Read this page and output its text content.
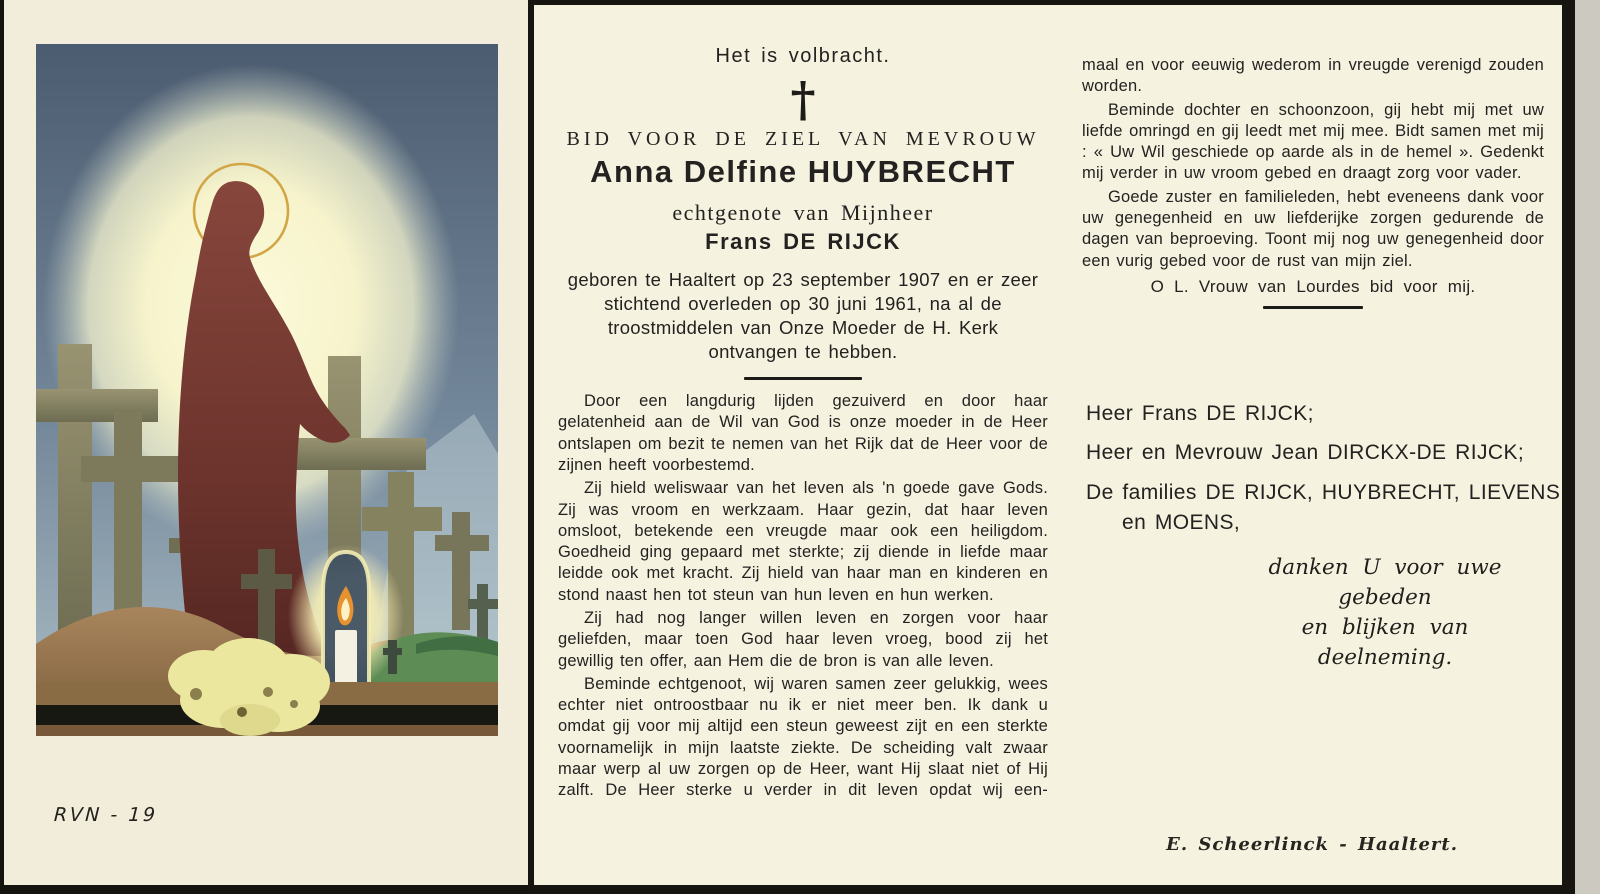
RVN - 19

Het is volbracht.

†

BID VOOR DE ZIEL VAN MEVROUW

Anna Delfine HUYBRECHT

echtgenote van Mijnheer

Frans DE RIJCK

geboren te Haaltert op 23 september 1907 en er zeer stichtend overleden op 30 juni 1961, na al de troostmiddelen van Onze Moeder de H. Kerk ontvangen te hebben.

Door een langdurig lijden gezuiverd en door haar gelatenheid aan de Wil van God is onze moeder in de Heer ontslapen om bezit te nemen van het Rijk dat de Heer voor de zijnen heeft voorbestemd.

Zij hield weliswaar van het leven als 'n goede gave Gods. Zij was vroom en werkzaam. Haar gezin, dat haar leven omsloot, betekende een vreugde maar ook een heiligdom. Goedheid ging gepaard met sterkte; zij diende in liefde maar leidde ook met kracht. Zij hield van haar man en kinderen en stond naast hen tot steun van hun leven en hun werken.

Zij had nog langer willen leven en zorgen voor haar geliefden, maar toen God haar leven vroeg, bood zij het gewillig ten offer, aan Hem die de bron is van alle leven.

Beminde echtgenoot, wij waren samen zeer gelukkig, wees echter niet ontroostbaar nu ik er niet meer ben. Ik dank u omdat gij voor mij altijd een steun geweest zijt en een sterkte voornamelijk in mijn laatste ziekte. De scheiding valt zwaar maar werp al uw zorgen op de Heer, want Hij slaat niet of Hij zalft. De Heer sterke u verder in dit leven opdat wij een-

maal en voor eeuwig wederom in vreugde verenigd zouden worden.

Beminde dochter en schoonzoon, gij hebt mij met uw liefde omringd en gij leedt met mij mee. Bidt samen met mij : « Uw Wil geschiede op aarde als in de hemel ». Gedenkt mij verder in uw vroom gebed en draagt zorg voor vader.

Goede zuster en familieleden, hebt eveneens dank voor uw genegenheid en uw liefderijke zorgen gedurende de dagen van beproeving. Toont mij nog uw genegenheid door een vurig gebed voor de rust van mijn ziel.

O L. Vrouw van Lourdes bid voor mij.

Heer Frans DE RIJCK;

Heer en Mevrouw Jean DIRCKX-DE RIJCK;

De families DE RIJCK, HUYBRECHT, LIEVENS

en MOENS,

danken U voor uwe gebeden

en blijken van deelneming.

E. Scheerlinck - Haaltert.
